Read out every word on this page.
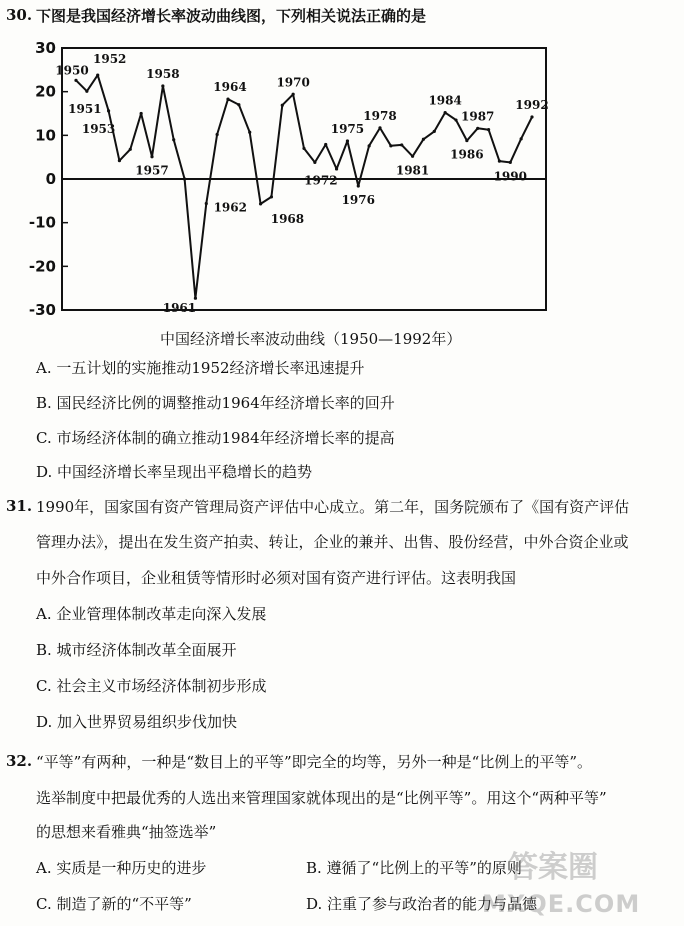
30. 下图是我国经济增长率波动曲线图，下列相关说法正确的是
30
20
10
0
-10
-20
-30
1950
1951
1952
1953
1957
1958
1961
1962
1964
1968
1970
1972
1975
1976
1978
1981
1984
1986
1987
1990
1992
中国经济增长率波动曲线（1950—1992年）
A. 一五计划的实施推动1952经济增长率迅速提升
B. 国民经济比例的调整推动1964年经济增长率的回升
C. 市场经济体制的确立推动1984年经济增长率的提高
D. 中国经济增长率呈现出平稳增长的趋势
31. 1990年，国家国有资产管理局资产评估中心成立。第二年，国务院颁布了《国有资产评估
管理办法》，提出在发生资产拍卖、转让，企业的兼并、出售、股份经营，中外合资企业或
中外合作项目，企业租赁等情形时必须对国有资产进行评估。这表明我国
A. 企业管理体制改革走向深入发展
B. 城市经济体制改革全面展开
C. 社会主义市场经济体制初步形成
D. 加入世界贸易组织步伐加快
32. “平等”有两种，一种是“数目上的平等”即完全的均等，另外一种是“比例上的平等”。
选举制度中把最优秀的人选出来管理国家就体现出的是“比例平等”。用这个“两种平等”
的思想来看雅典“抽签选举”
A. 实质是一种历史的进步	B. 遵循了“比例上的平等”的原则
C. 制造了新的“不平等”	D. 注重了参与政治者的能力与品德
答案圈
MXQE.COM
